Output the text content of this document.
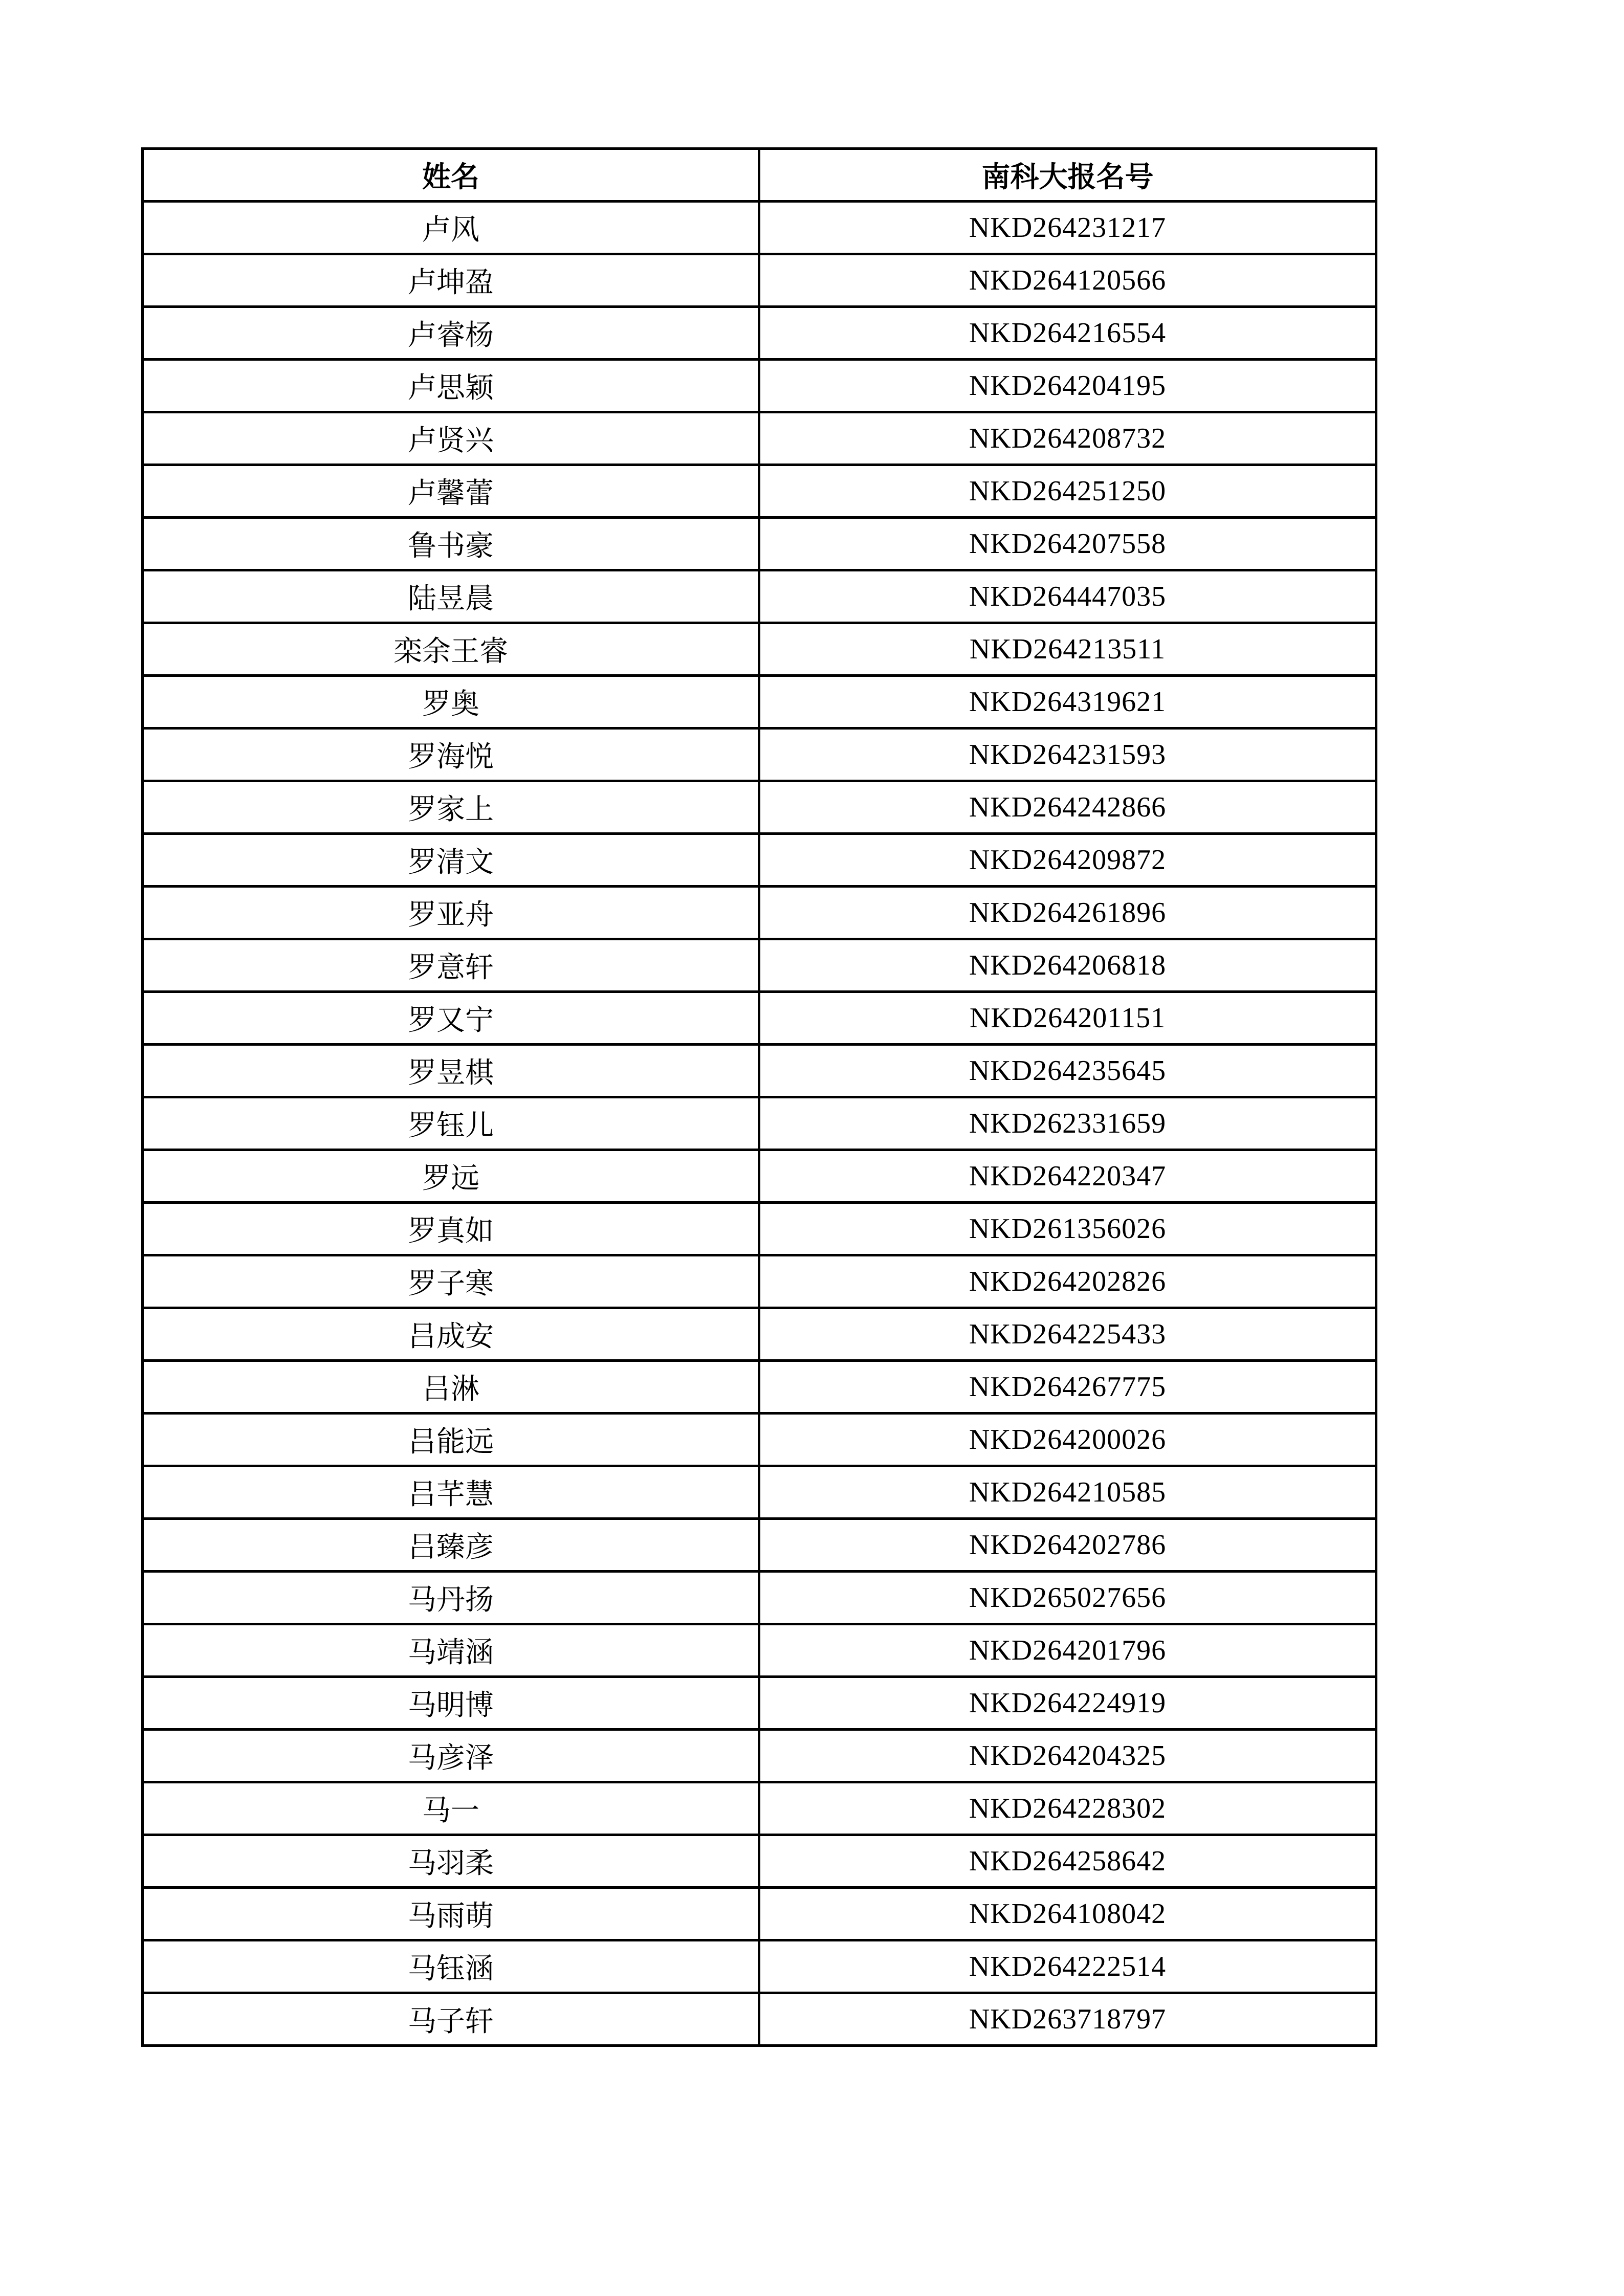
姓名	南科大报名号
卢风	NKD264231217
卢坤盈	NKD264120566
卢睿杨	NKD264216554
卢思颖	NKD264204195
卢贤兴	NKD264208732
卢馨蕾	NKD264251250
鲁书豪	NKD264207558
陆昱晨	NKD264447035
栾余王睿	NKD264213511
罗奥	NKD264319621
罗海悦	NKD264231593
罗家上	NKD264242866
罗清文	NKD264209872
罗亚舟	NKD264261896
罗意轩	NKD264206818
罗又宁	NKD264201151
罗昱棋	NKD264235645
罗钰儿	NKD262331659
罗远	NKD264220347
罗真如	NKD261356026
罗子寒	NKD264202826
吕成安	NKD264225433
吕淋	NKD264267775
吕能远	NKD264200026
吕芊慧	NKD264210585
吕臻彦	NKD264202786
马丹扬	NKD265027656
马靖涵	NKD264201796
马明博	NKD264224919
马彦泽	NKD264204325
马一	NKD264228302
马羽柔	NKD264258642
马雨萌	NKD264108042
马钰涵	NKD264222514
马子轩	NKD263718797
